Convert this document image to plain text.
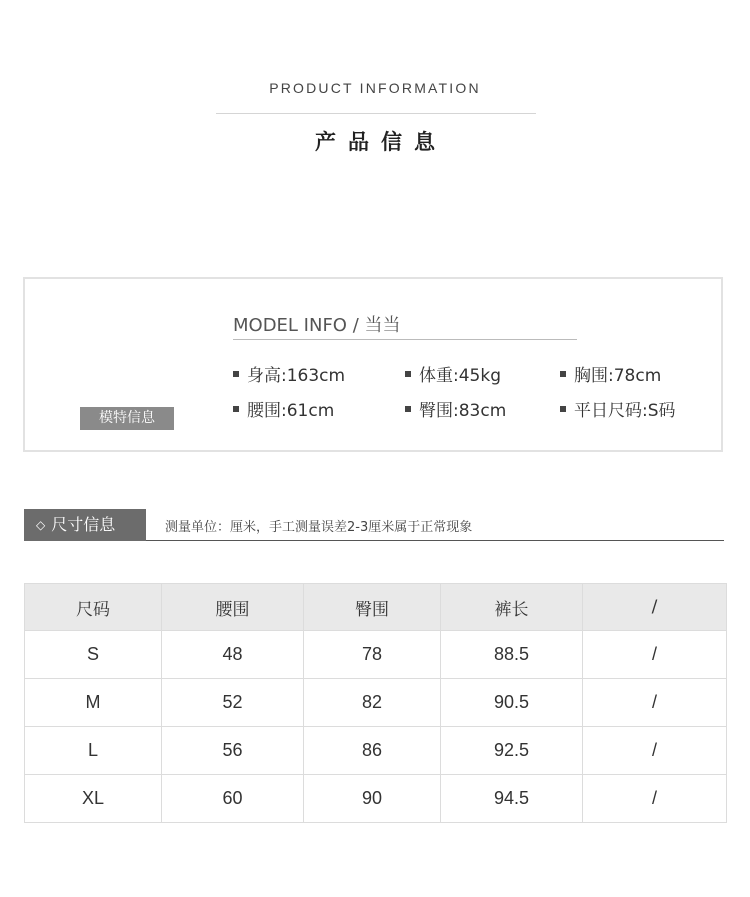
PRODUCT INFORMATION
产品信息
模特信息
MODEL INFO / 当当
身高:163cm	体重:45kg	胸围:78cm
腰围:61cm	臀围:83cm	平日尺码:S码
◇ 尺寸信息	测量单位：厘米，手工测量误差2-3厘米属于正常现象
尺码	腰围	臀围	裤长	/
S	48	78	88.5	/
M	52	82	90.5	/
L	56	86	92.5	/
XL	60	90	94.5	/
